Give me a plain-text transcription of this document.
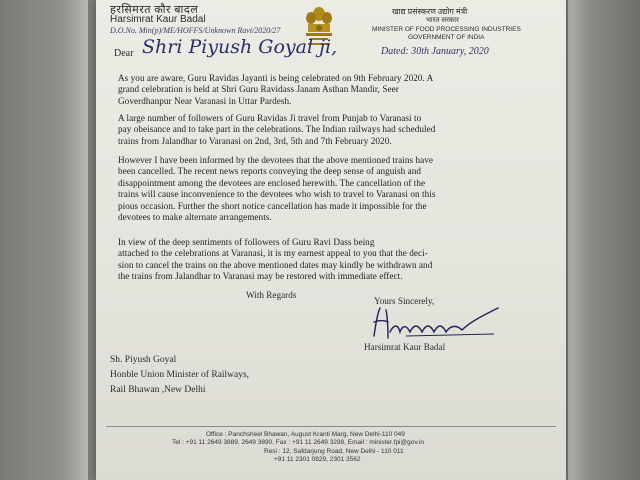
हरसिमरत कौर बादल
Harsimrat Kaur Badal
D.O.No. Min(p)/ME/HOFFS/Unknown Ravi/2020/27
खाद्य प्रसंस्करण उद्योग मंत्री
भारत सरकार
MINISTER OF FOOD PROCESSING INDUSTRIES
GOVERNMENT OF INDIA
Dated: 30th January, 2020
Dear Shri Piyush Goyal ji,
As you are aware, Guru Ravidas Jayanti is being celebrated on 9th February 2020. A
grand celebration is held at Shri Guru Ravidass Janam Asthan Mandir, Seer
Goverdhanpur Near Varanasi in Uttar Pardesh.
A large number of followers of Guru Ravidas Ji travel from Punjab to Varanasi to
pay obeisance and to take part in the celebrations. The Indian railways had scheduled
trains from Jalandhar to Varanasi on 2nd, 3rd, 5th and 7th February 2020.
However I have been informed by the devotees that the above mentioned trains have
been cancelled. The recent news reports conveying the deep sense of anguish and
disappointment among the devotees are enclosed herewith. The cancellation of the
trains will cause inconvenience to the devotees who wish to travel to Varanasi on this
pious occasion. Further the short notice cancellation has made it impossible for the
devotees to make alternate arrangements.
In view of the deep sentiments of followers of Guru Ravi Dass being
attached to the celebrations at Varanasi, it is my earnest appeal to you that the deci-
sion to cancel the trains on the above mentioned dates may kindly be withdrawn and
the trains from Jalandhar to Varanasi may be restored with immediate effect.
With Regards
Yours Sincerely,
Harsimrat Kaur Badal
Sh. Piyush Goyal
Honble Union Minister of Railways,
Rail Bhawan ,New Delhi
Office : Panchsheel Bhawan, August Kranti Marg, New Delhi-110 049
Tel : +91 11 2649 3889, 2649 3890, Fax : +91 11 2649 3298, Email : minister.fpi@gov.in
Resi : 12, Safdarjung Road, New Delhi - 110 011
+91 11 2301 0829, 2301 3562
